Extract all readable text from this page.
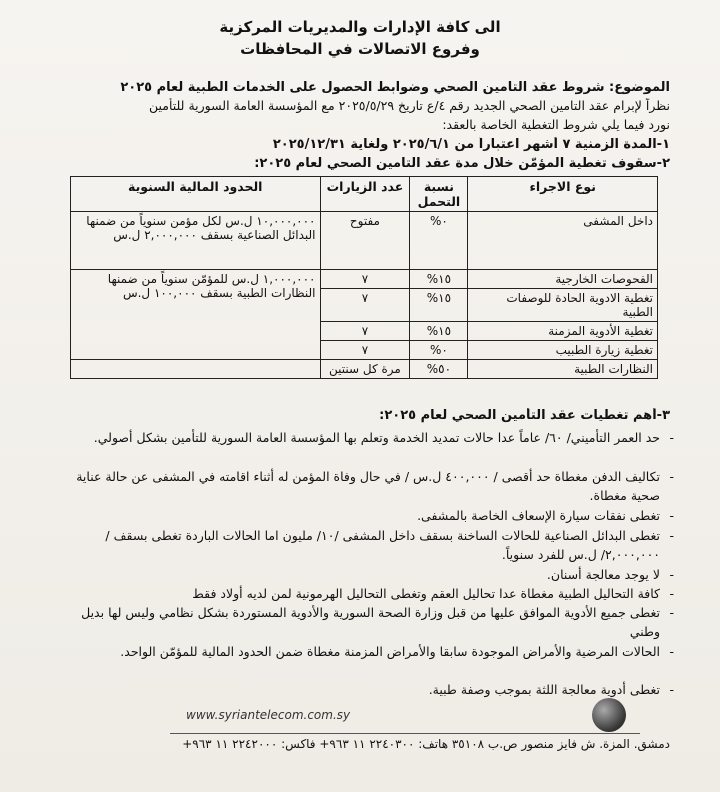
الى كافة الإدارات والمديريات المركزية
وفروع الاتصالات في المحافظات
الموضوع: شروط عقد التامين الصحي وضوابط الحصول على الخدمات الطبية لعام ٢٠٢٥
نظراً لإبرام عقد التامين الصحي الجديد رقم ٤/ع تاريخ ٢٠٢٥/٥/٢٩ مع المؤسسة العامة السورية للتأمين
نورد فيما يلي شروط التغطية الخاصة بالعقد:
١-المدة الزمنية ٧ أشهر اعتباراً من ٢٠٢٥/٦/١ ولغاية ٢٠٢٥/١٢/٣١
٢-سقوف تغطية المؤمّن خلال مدة عقد التامين الصحي لعام ٢٠٢٥:
نوع الاجراء	نسبة التحمل	عدد الزيارات	الحدود المالية السنوية
داخل المشفى	٠%	مفتوح	١٠,٠٠٠,٠٠٠ ل.س لكل مؤمن سنوياً من ضمنها البدائل الصناعية بسقف ٢,٠٠٠,٠٠٠ ل.س
الفحوصات الخارجية	١٥%	٧	١,٠٠٠,٠٠٠ ل.س للمؤمّن سنوياً من ضمنها النظارات الطبية بسقف ١٠٠,٠٠٠ ل.س
تغطية الادوية الحادة للوصفات الطبية	١٥%	٧	
تغطية الأدوية المزمنة	١٥%	٧	
تغطية زيارة الطبيب	٠%	٧	
النظارات الطبية	٥٠%	مرة كل سنتين	
٣-أهم تغطيات عقد التأمين الصحي لعام ٢٠٢٥:
-
حد العمر التأميني/ ٦٠/ عاماً عدا حالات تمديد الخدمة وتعلم بها المؤسسة العامة السورية للتأمين بشكل أصولي.
-
تكاليف الدفن مغطاة حد أقصى / ٤٠٠,٠٠٠ ل.س / في حال وفاة المؤمن له أثناء اقامته في المشفى عن حالة عناية صحية مغطاة.
-
تغطى نفقات سيارة الإسعاف الخاصة بالمشفى.
-
تغطى البدائل الصناعية للحالات الساخنة بسقف داخل المشفى /١٠/ مليون اما الحالات الباردة تغطى بسقف /٢,٠٠٠,٠٠٠/ ل.س للفرد سنوياً.
-
لا يوجد معالجة أسنان.
-
كافة التحاليل الطبية مغطاة عدا تحاليل العقم وتغطى التحاليل الهرمونية لمن لديه أولاد فقط
-
تغطى جميع الأدوية الموافق عليها من قبل وزارة الصحة السورية والأدوية المستوردة بشكل نظامي وليس لها بديل وطني
-
الحالات المرضية والأمراض الموجودة سابقا والأمراض المزمنة مغطاة ضمن الحدود المالية للمؤمّن الواحد.
-
تغطى أدوية معالجة اللثة بموجب وصفة طبية.
www.syriantelecom.com.sy
دمشق. المزة. ش فايز منصور ص.ب ٣٥١٠٨ هاتف: ٢٢٤٠٣٠٠ ١١ ٩٦٣+ فاكس: ٢٢٤٢٠٠٠ ١١ ٩٦٣+
